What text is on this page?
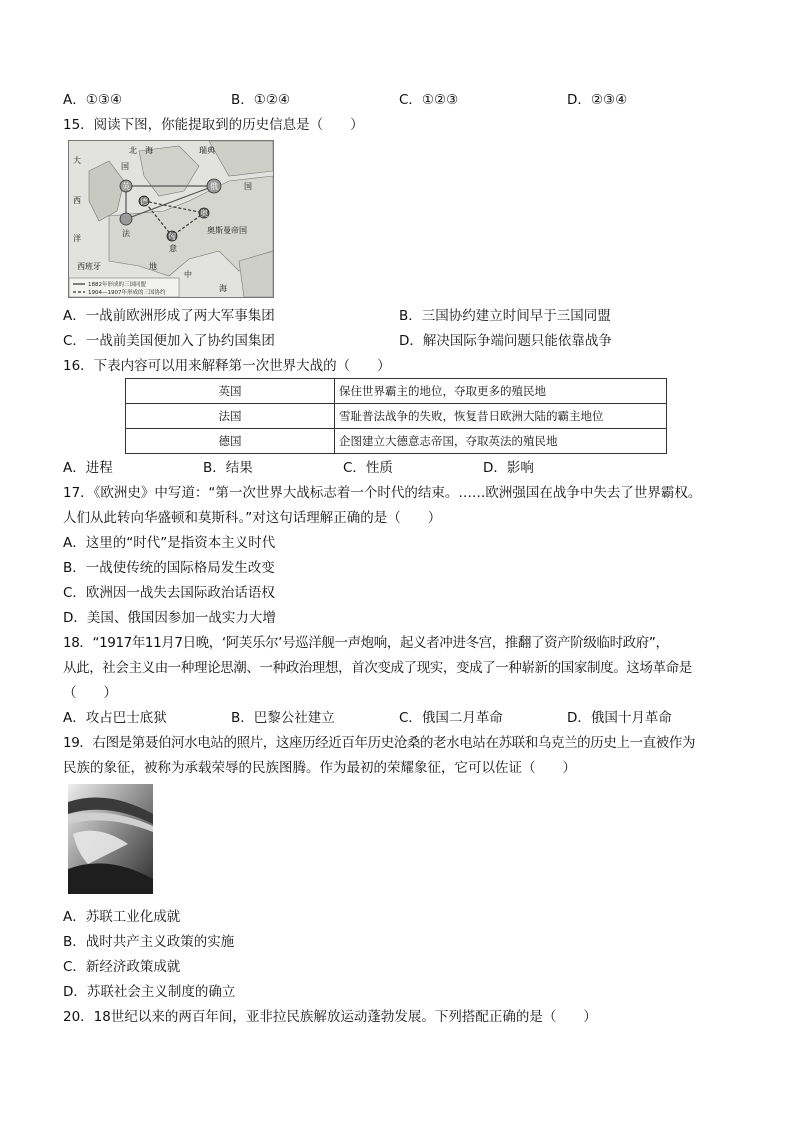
A．①③④	B．①②④	C．①②③	D．②③④
15．阅读下图，你能提取到的历史信息是（　　）
大
北　海	瑞典
西
国
洋
法
国
俄
德
奥
匈
奥斯曼帝国
意
西班牙	地
中
海
英
1882年形成的三国同盟
1904—1907年形成的三国协约
A．一战前欧洲形成了两大军事集团	B．三国协约建立时间早于三国同盟
C．一战前美国便加入了协约国集团	D．解决国际争端问题只能依靠战争
16．下表内容可以用来解释第一次世界大战的（　　）
英国	保住世界霸主的地位，夺取更多的殖民地
法国	雪耻普法战争的失败，恢复昔日欧洲大陆的霸主地位
德国	企图建立大德意志帝国，夺取英法的殖民地
A．进程	B．结果	C．性质	D．影响
17．《欧洲史》中写道：“第一次世界大战标志着一个时代的结束。……欧洲强国在战争中失去了世界霸权。
人们从此转向华盛顿和莫斯科。”对这句话理解正确的是（　　）
A．这里的“时代”是指资本主义时代
B．一战使传统的国际格局发生改变
C．欧洲因一战失去国际政治话语权
D．美国、俄国因参加一战实力大增
18．“1917年11月7日晚，‘阿芙乐尔’号巡洋舰一声炮响，起义者冲进冬宫，推翻了资产阶级临时政府”，
从此，社会主义由一种理论思潮、一种政治理想，首次变成了现实，变成了一种崭新的国家制度。这场革命是
（　　）
A．攻占巴士底狱	B．巴黎公社建立	C．俄国二月革命	D．俄国十月革命
19．右图是第聂伯河水电站的照片，这座历经近百年历史沧桑的老水电站在苏联和乌克兰的历史上一直被作为
民族的象征，被称为承载荣辱的民族图腾。作为最初的荣耀象征，它可以佐证（　　）
A．苏联工业化成就
B．战时共产主义政策的实施
C．新经济政策成就
D．苏联社会主义制度的确立
20．18世纪以来的两百年间，亚非拉民族解放运动蓬勃发展。下列搭配正确的是（　　）
